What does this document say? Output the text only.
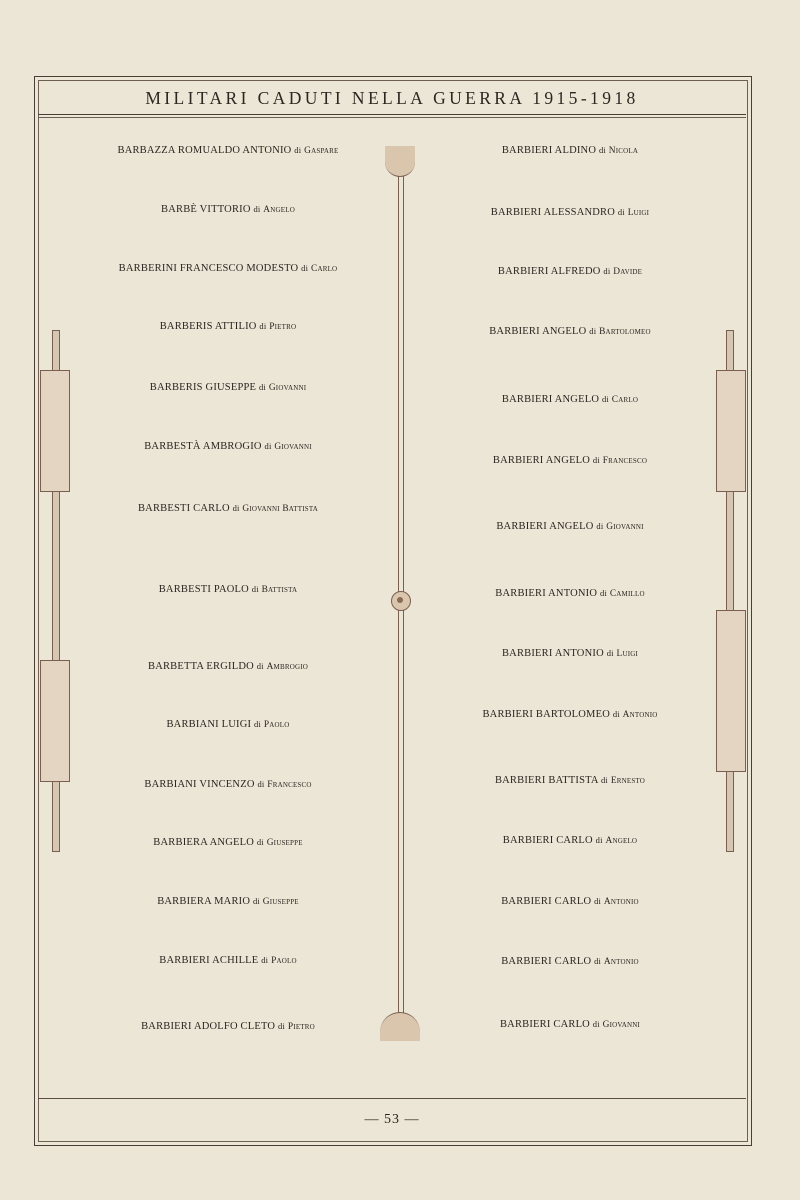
MILITARI CADUTI NELLA GUERRA 1915-1918
BARBAZZA ROMUALDO ANTONIO di Gaspare
BARBÈ VITTORIO di Angelo
BARBERINI FRANCESCO MODESTO di Carlo
BARBERIS ATTILIO di Pietro
BARBERIS GIUSEPPE di Giovanni
BARBESTÀ AMBROGIO di Giovanni
BARBESTI CARLO di Giovanni Battista
BARBESTI PAOLO di Battista
BARBETTA ERGILDO di Ambrogio
BARBIANI LUIGI di Paolo
BARBIANI VINCENZO di Francesco
BARBIERA ANGELO di Giuseppe
BARBIERA MARIO di Giuseppe
BARBIERI ACHILLE di Paolo
BARBIERI ADOLFO CLETO di Pietro
BARBIERI ALDINO di Nicola
BARBIERI ALESSANDRO di Luigi
BARBIERI ALFREDO di Davide
BARBIERI ANGELO di Bartolomeo
BARBIERI ANGELO di Carlo
BARBIERI ANGELO di Francesco
BARBIERI ANGELO di Giovanni
BARBIERI ANTONIO di Camillo
BARBIERI ANTONIO di Luigi
BARBIERI BARTOLOMEO di Antonio
BARBIERI BATTISTA di Ernesto
BARBIERI CARLO di Angelo
BARBIERI CARLO di Antonio
BARBIERI CARLO di Antonio
BARBIERI CARLO di Giovanni
— 53 —
